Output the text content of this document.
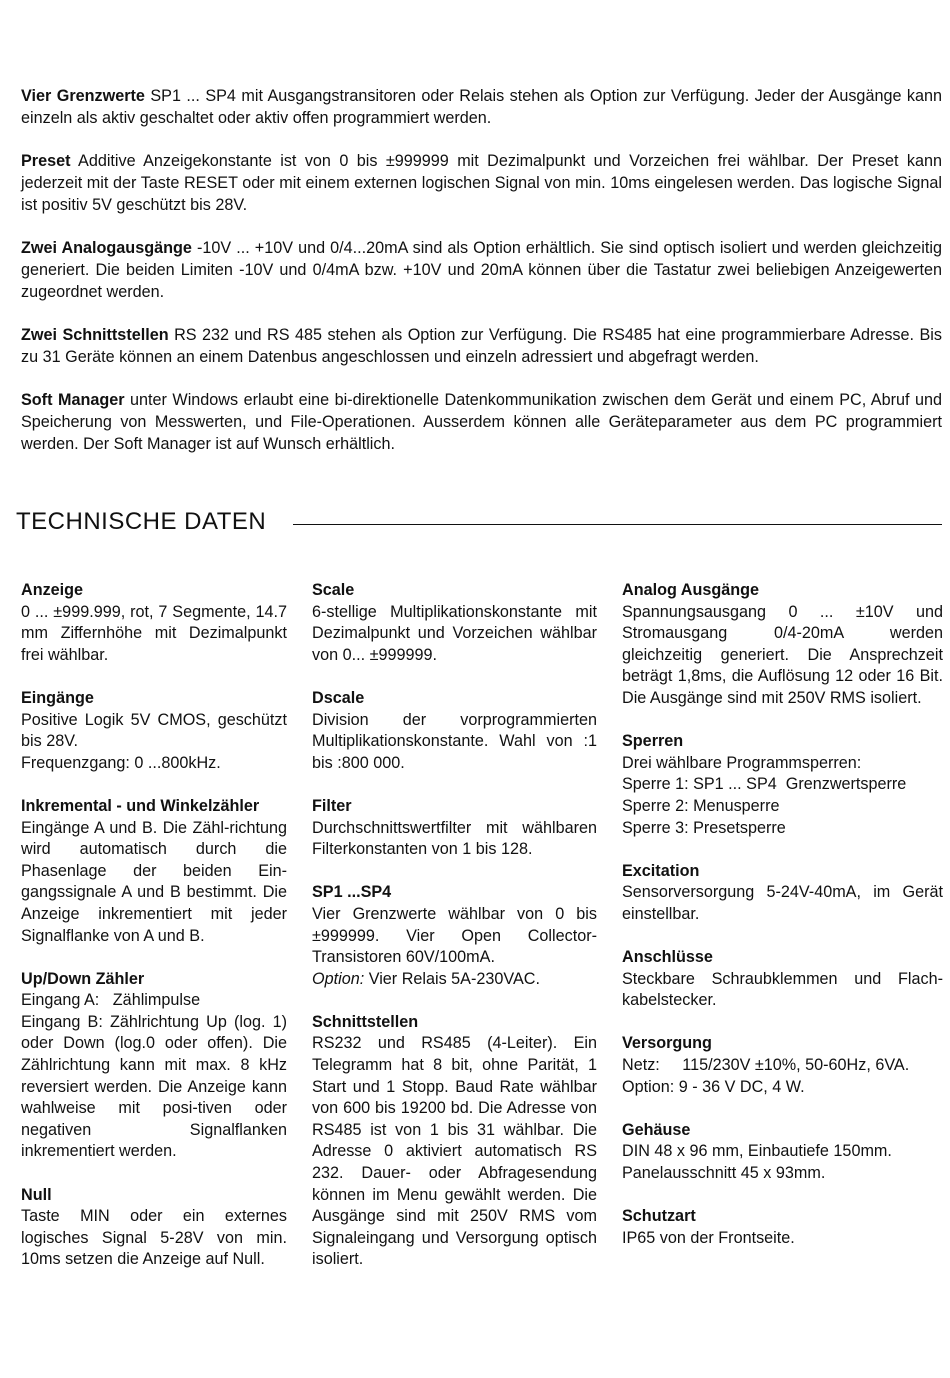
Vier Grenzwerte SP1 ... SP4 mit Ausgangstransitoren oder Relais stehen als Option zur Verfügung. Jeder der Ausgänge kann einzeln als aktiv geschaltet oder aktiv offen programmiert werden.

Preset Additive Anzeigekonstante ist von 0 bis ±999999 mit Dezimalpunkt und Vorzeichen frei wählbar. Der Preset kann jederzeit mit der Taste RESET oder mit einem externen logischen Signal von min. 10ms eingelesen werden. Das logische Signal ist positiv 5V geschützt bis 28V.

Zwei Analogausgänge -10V ... +10V und 0/4...20mA sind als Option erhältlich. Sie sind optisch isoliert und werden gleichzeitig generiert. Die beiden Limiten -10V und 0/4mA bzw. +10V und 20mA können über die Tastatur zwei beliebigen Anzeigewerten zugeordnet werden.

Zwei Schnittstellen RS 232 und RS 485 stehen als Option zur Verfügung. Die RS485 hat eine programmierbare Adresse. Bis zu 31 Geräte können an einem Datenbus angeschlossen und einzeln adressiert und abgefragt werden.

Soft Manager unter Windows erlaubt eine bi-direktionelle Datenkommunikation zwischen dem Gerät und einem PC, Abruf und Speicherung von Messwerten, und File-Operationen. Ausserdem können alle Geräteparameter aus dem PC programmiert werden. Der Soft Manager ist auf Wunsch erhältlich.

TECHNISCHE DATEN
Anzeige
0 ... ±999.999, rot, 7 Segmente, 14.7 mm Ziffernhöhe mit Dezimalpunkt frei wählbar.
Eingänge
Positive Logik 5V CMOS, geschützt bis 28V.
Frequenzgang: 0 ...800kHz.
Inkremental - und Winkelzähler
Eingänge A und B. Die Zähl-richtung wird automatisch durch die Phasenlage der beiden Ein-gangssignale A und B bestimmt. Die Anzeige inkrementiert mit jeder Signalflanke von A und B.
Up/Down Zähler
Eingang A:   Zählimpulse
Eingang B: Zählrichtung Up (log. 1) oder Down (log.0 oder offen). Die Zählrichtung kann mit max. 8 kHz reversiert werden. Die Anzeige kann wahlweise mit posi-tiven oder negativen Signalflanken inkrementiert werden.
Null
Taste MIN oder ein externes logisches Signal 5-28V von min. 10ms setzen die Anzeige auf Null.
Scale
6-stellige Multiplikationskonstante mit Dezimalpunkt und Vorzeichen wählbar von 0... ±999999.
Dscale
Division der vorprogrammierten Multiplikationskonstante. Wahl von :1 bis :800 000.
Filter
Durchschnittswertfilter mit wählbaren Filterkonstanten von 1 bis 128.
SP1 ...SP4
Vier Grenzwerte wählbar von 0 bis ±999999. Vier Open Collector-Transistoren 60V/100mA.
Option: Vier Relais 5A-230VAC.
Schnittstellen
RS232 und RS485 (4-Leiter). Ein Telegramm hat 8 bit, ohne Parität, 1 Start und 1 Stopp. Baud Rate wählbar von 600 bis 19200 bd. Die Adresse von RS485 ist von 1 bis 31 wählbar. Die Adresse 0 aktiviert automatisch RS 232. Dauer- oder Abfragesendung können im Menu gewählt werden. Die Ausgänge sind mit 250V RMS vom Signaleingang und Versorgung optisch isoliert.
Analog Ausgänge
Spannungsausgang 0 ... ±10V und Stromausgang 0/4-20mA werden gleichzeitig generiert. Die Ansprechzeit beträgt 1,8ms, die Auflösung 12 oder 16 Bit. Die Ausgänge sind mit 250V RMS isoliert.
Sperren
Drei wählbare Programmsperren:
Sperre 1: SP1 ... SP4  Grenzwertsperre
Sperre 2: Menusperre
Sperre 3: Presetsperre
Excitation
Sensorversorgung 5-24V-40mA, im Gerät einstellbar.
Anschlüsse
Steckbare Schraubklemmen und Flach-kabelstecker.
Versorgung
Netz:     115/230V ±10%, 50-60Hz, 6VA.
Option: 9 - 36 V DC, 4 W.
Gehäuse
DIN 48 x 96 mm, Einbautiefe 150mm.
Panelausschnitt 45 x 93mm.
Schutzart
IP65 von der Frontseite.
